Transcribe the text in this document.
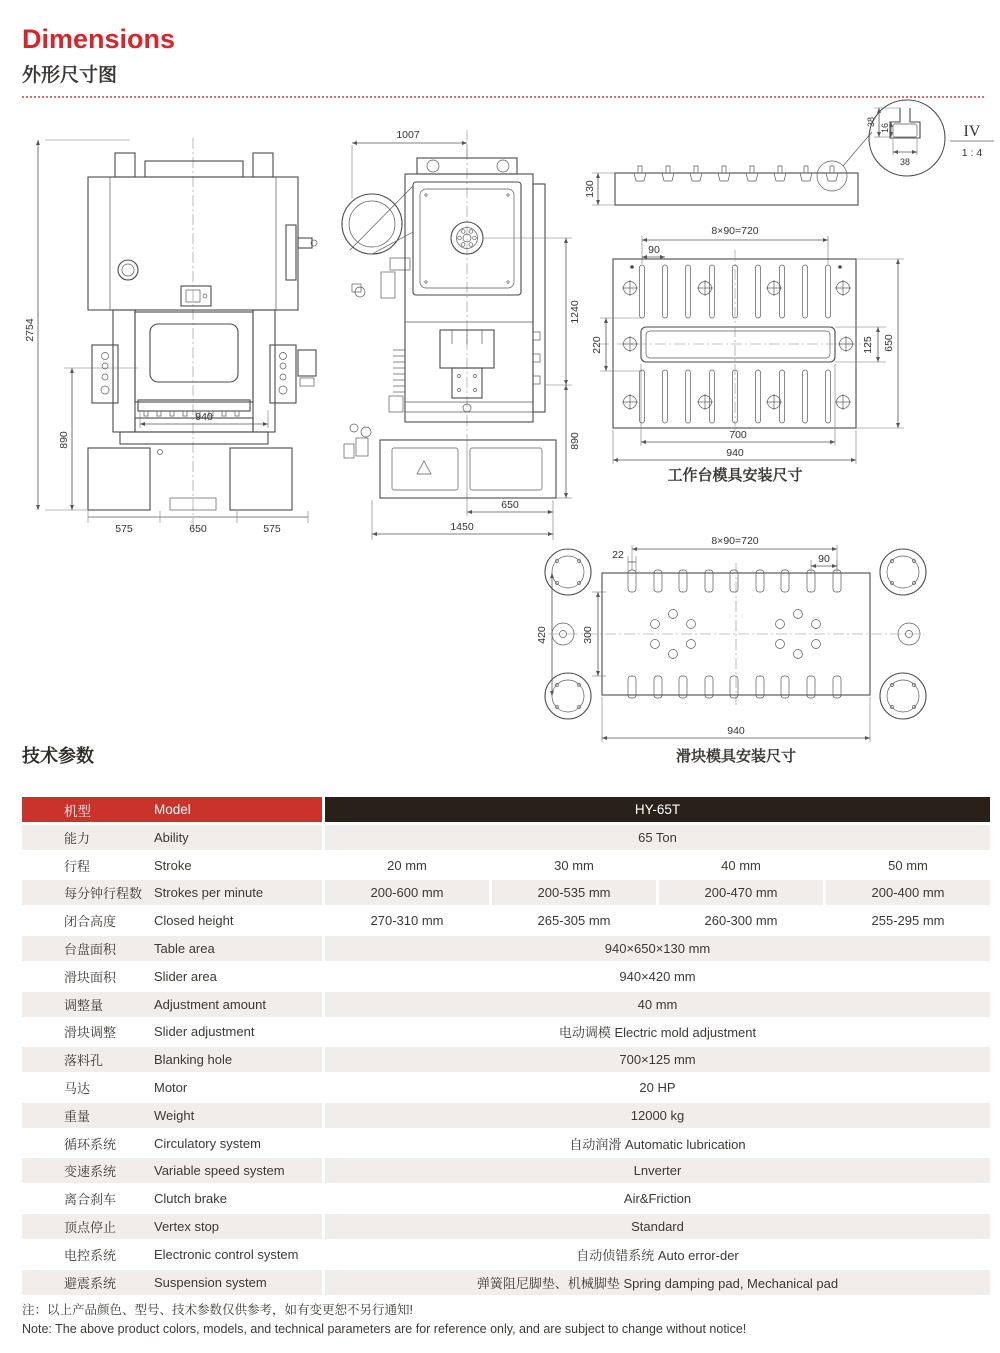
Dimensions
外形尺寸图
2754
890
940
575	650	575
1007
1240
890
650
1450
38
16
38
IV
1 : 4
130
8×90=720
90
220	125 650
700
940
工作台模具安装尺寸
8×90=720
22	90
420	300
940
滑块模具安装尺寸
技术参数
机型	Model	HY-65T
能力	Ability	65 Ton
行程	Stroke	20 mm	30 mm	40 mm	50 mm
每分钟行程数 Strokes per minute	200-600 mm	200-535 mm	200-470 mm	200-400 mm
闭合高度	Closed height	270-310 mm	265-305 mm	260-300 mm	255-295 mm
台盘面积	Table area	940×650×130 mm
滑块面积	Slider area	940×420 mm
调整量	Adjustment amount	40 mm
滑块调整	Slider adjustment	电动调模 Electric mold adjustment
落料孔	Blanking hole	700×125 mm
马达	Motor	20 HP
重量	Weight	12000 kg
循环系统	Circulatory system	自动润滑 Automatic lubrication
变速系统	Variable speed system	Lnverter
离合刹车	Clutch brake	Air&Friction
顶点停止	Vertex stop	Standard
电控系统	Electronic control system	自动侦错系统 Auto error-der
避震系统	Suspension system	弹簧阻尼脚垫、机械脚垫 Spring damping pad, Mechanical pad
注：以上产品颜色、型号、技术参数仅供参考，如有变更恕不另行通知!
Note: The above product colors, models, and technical parameters are for reference only, and are subject to change without notice!
